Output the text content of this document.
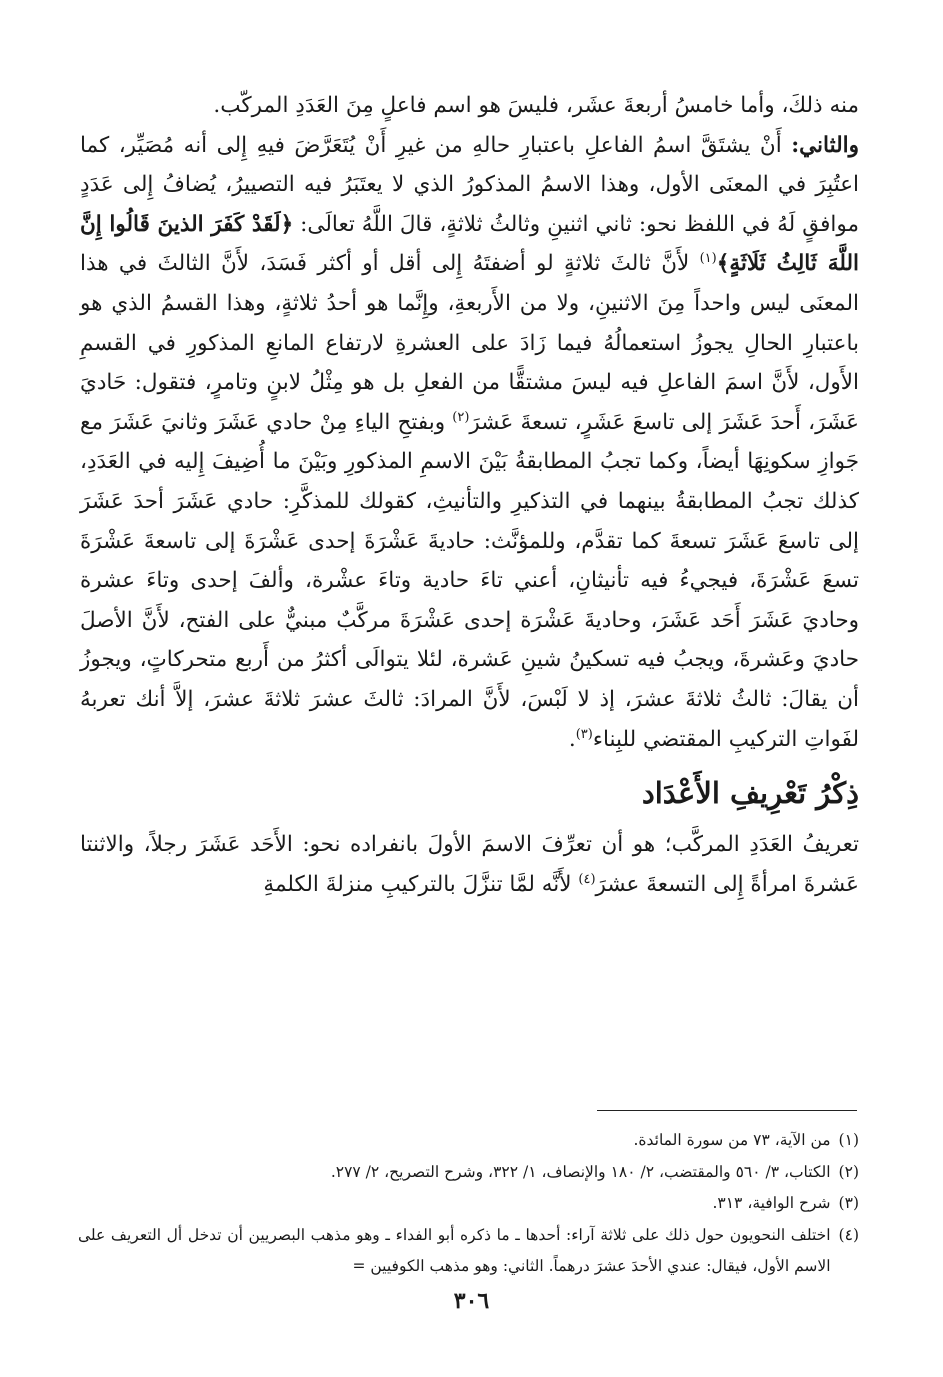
منه ذلكَ، وأما خامسُ أربعةَ عشَر، فليسَ هو اسم فاعلٍ مِنَ العَدَدِ المركّب.

والثاني: أَنْ يشتَقَّ اسمُ الفاعلِ باعتبارِ حالهِ من غيرِ أَنْ يُتَعَرَّضَ فيهِ إِلى أنه مُصَيِّر، كما اعتُبِرَ في المعنَى الأول، وهذا الاسمُ المذكورُ الذي لا يعتَبَرُ فيه التصييرُ، يُضافُ إِلى عَدَدٍ موافقٍ لَهُ في اللفظ نحو: ثاني اثنينِ وثالثُ ثلاثةٍ، قالَ اللَّهُ تعالَى: ﴿لَقَدْ كَفَرَ الذينَ قَالُوا إِنَّ اللَّهَ ثَالِثُ ثَلَاثَةٍ﴾$^{(١)}$ لأَنَّ ثالثَ ثلاثةٍ لو أضفتَهُ إِلى أقل أو أكثر فَسَدَ، لأَنَّ الثالثَ في هذا المعنَى ليس واحداً مِنَ الاثنينِ، ولا من الأَربعةِ، وإِنَّما هو أحدُ ثلاثةٍ، وهذا القسمُ الذي هو باعتبارِ الحالِ يجوزُ استعمالُهُ فيما زَادَ على العشرةِ لارتفاع المانعِ المذكورِ في القسمِ الأَول، لأَنَّ اسمَ الفاعلِ فيه ليسَ مشتقًّا من الفعلِ بل هو مِثْلُ لابنٍ وتامرٍ، فتقول: حَاديَ عَشَرَ، أَحدَ عَشَرَ إلى تاسعَ عَشَرٍ، تسعةَ عَشرَ$^{(٢)}$ وبفتحِ الياءِ مِنْ حادي عَشَرَ وثانيَ عَشَرَ مع جَوازِ سكونِهَا أيضاً، وكما تجبُ المطابقةُ بَيْنَ الاسمِ المذكورِ وبَيْنَ ما أُضِيفَ إِليه في العَدَدِ، كذلك تجبُ المطابقةُ بينهما في التذكيرِ والتأنيثِ، كقولك للمذكَّرِ: حادي عَشَرَ أحدَ عَشَرَ إلى تاسعَ عَشَرَ تسعةَ كما تقدَّم، وللمؤنَّث: حاديةَ عَشْرَةَ إحدى عَشْرَةَ إلى تاسعةَ عَشْرَةَ تسعَ عَشْرَةَ، فيجيءُ فيه تأنيثانِ، أعني تاءَ حادية وتاءَ عشْرة، وألفَ إحدى وتاءَ عشرة وحاديَ عَشَرَ أَحَد عَشَرَ، وحاديةَ عَشْرَة إحدى عَشْرَةَ مركَّبٌ مبنيٌّ على الفتح، لأَنَّ الأصلَ حاديَ وعَشرةَ، ويجبُ فيه تسكينُ شينِ عَشرة، لئلا يتوالَى أكثرُ من أَربع متحركاتٍ، ويجوزُ أن يقالَ: ثالثُ ثلاثةَ عشرَ، إذ لا لَبْسَ، لأَنَّ المرادَ: ثالثَ عشرَ ثلاثةَ عشرَ، إلاَّ أنك تعربهُ لفَواتِ التركيبِ المقتضي للبِناء$^{(٣)}$.

ذِكْرُ تَعْرِيفِ الأَعْدَاد

تعريفُ العَدَدِ المركَّب؛ هو أن تعرِّفَ الاسمَ الأولَ بانفراده نحو: الأَحَد عَشَرَ رجلاً، والاثنتا عَشرةَ امرأةً إِلى التسعةَ عشرَ$^{(٤)}$ لأَنَّه لمَّا تنزَّلَ بالتركيبِ منزلةَ الكلمةِ

(١)
من الآية، ٧٣ من سورة المائدة.
(٢)
الكتاب، ٣/ ٥٦٠ والمقتضب، ٢/ ١٨٠ والإنصاف، ١/ ٣٢٢، وشرح التصريح، ٢/ ٢٧٧.
(٣)
شرح الوافية، ٣١٣.
(٤)
اختلف النحويون حول ذلك على ثلاثة آراء: أحدها ـ ما ذكره أبو الفداء ـ وهو مذهب البصريين أن تدخل أل التعريف على الاسم الأول، فيقال: عندي الأحدَ عشرَ درهماً. الثاني: وهو مذهب الكوفيين =
٣٠٦
